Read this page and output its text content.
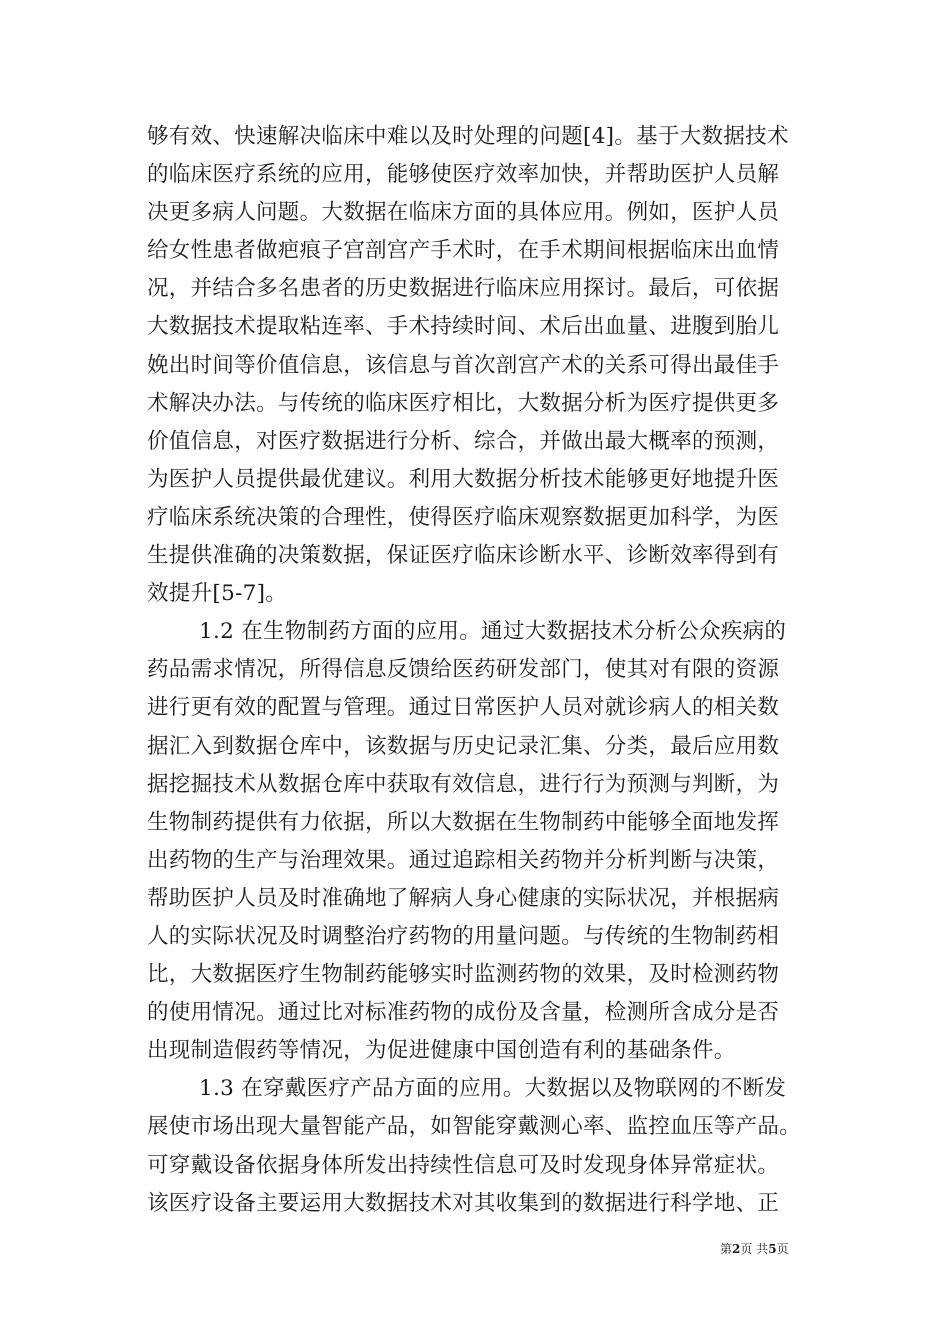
够有效、快速解决临床中难以及时处理的问题[4]。基于大数据技术
的临床医疗系统的应用，能够使医疗效率加快，并帮助医护人员解
决更多病人问题。大数据在临床方面的具体应用。例如，医护人员
给女性患者做疤痕子宫剖宫产手术时，在手术期间根据临床出血情
况，并结合多名患者的历史数据进行临床应用探讨。最后，可依据
大数据技术提取粘连率、手术持续时间、术后出血量、进腹到胎儿
娩出时间等价值信息，该信息与首次剖宫产术的关系可得出最佳手
术解决办法。与传统的临床医疗相比，大数据分析为医疗提供更多
价值信息，对医疗数据进行分析、综合，并做出最大概率的预测，
为医护人员提供最优建议。利用大数据分析技术能够更好地提升医
疗临床系统决策的合理性，使得医疗临床观察数据更加科学，为医
生提供准确的决策数据，保证医疗临床诊断水平、诊断效率得到有
效提升[5-7]。
1.2 在生物制药方面的应用。通过大数据技术分析公众疾病的
药品需求情况，所得信息反馈给医药研发部门，使其对有限的资源
进行更有效的配置与管理。通过日常医护人员对就诊病人的相关数
据汇入到数据仓库中，该数据与历史记录汇集、分类，最后应用数
据挖掘技术从数据仓库中获取有效信息，进行行为预测与判断，为
生物制药提供有力依据，所以大数据在生物制药中能够全面地发挥
出药物的生产与治理效果。通过追踪相关药物并分析判断与决策，
帮助医护人员及时准确地了解病人身心健康的实际状况，并根据病
人的实际状况及时调整治疗药物的用量问题。与传统的生物制药相
比，大数据医疗生物制药能够实时监测药物的效果，及时检测药物
的使用情况。通过比对标准药物的成份及含量，检测所含成分是否
出现制造假药等情况，为促进健康中国创造有利的基础条件。
1.3 在穿戴医疗产品方面的应用。大数据以及物联网的不断发
展使市场出现大量智能产品，如智能穿戴测心率、监控血压等产品。
可穿戴设备依据身体所发出持续性信息可及时发现身体异常症状。
该医疗设备主要运用大数据技术对其收集到的数据进行科学地、正
第2页 共5页
